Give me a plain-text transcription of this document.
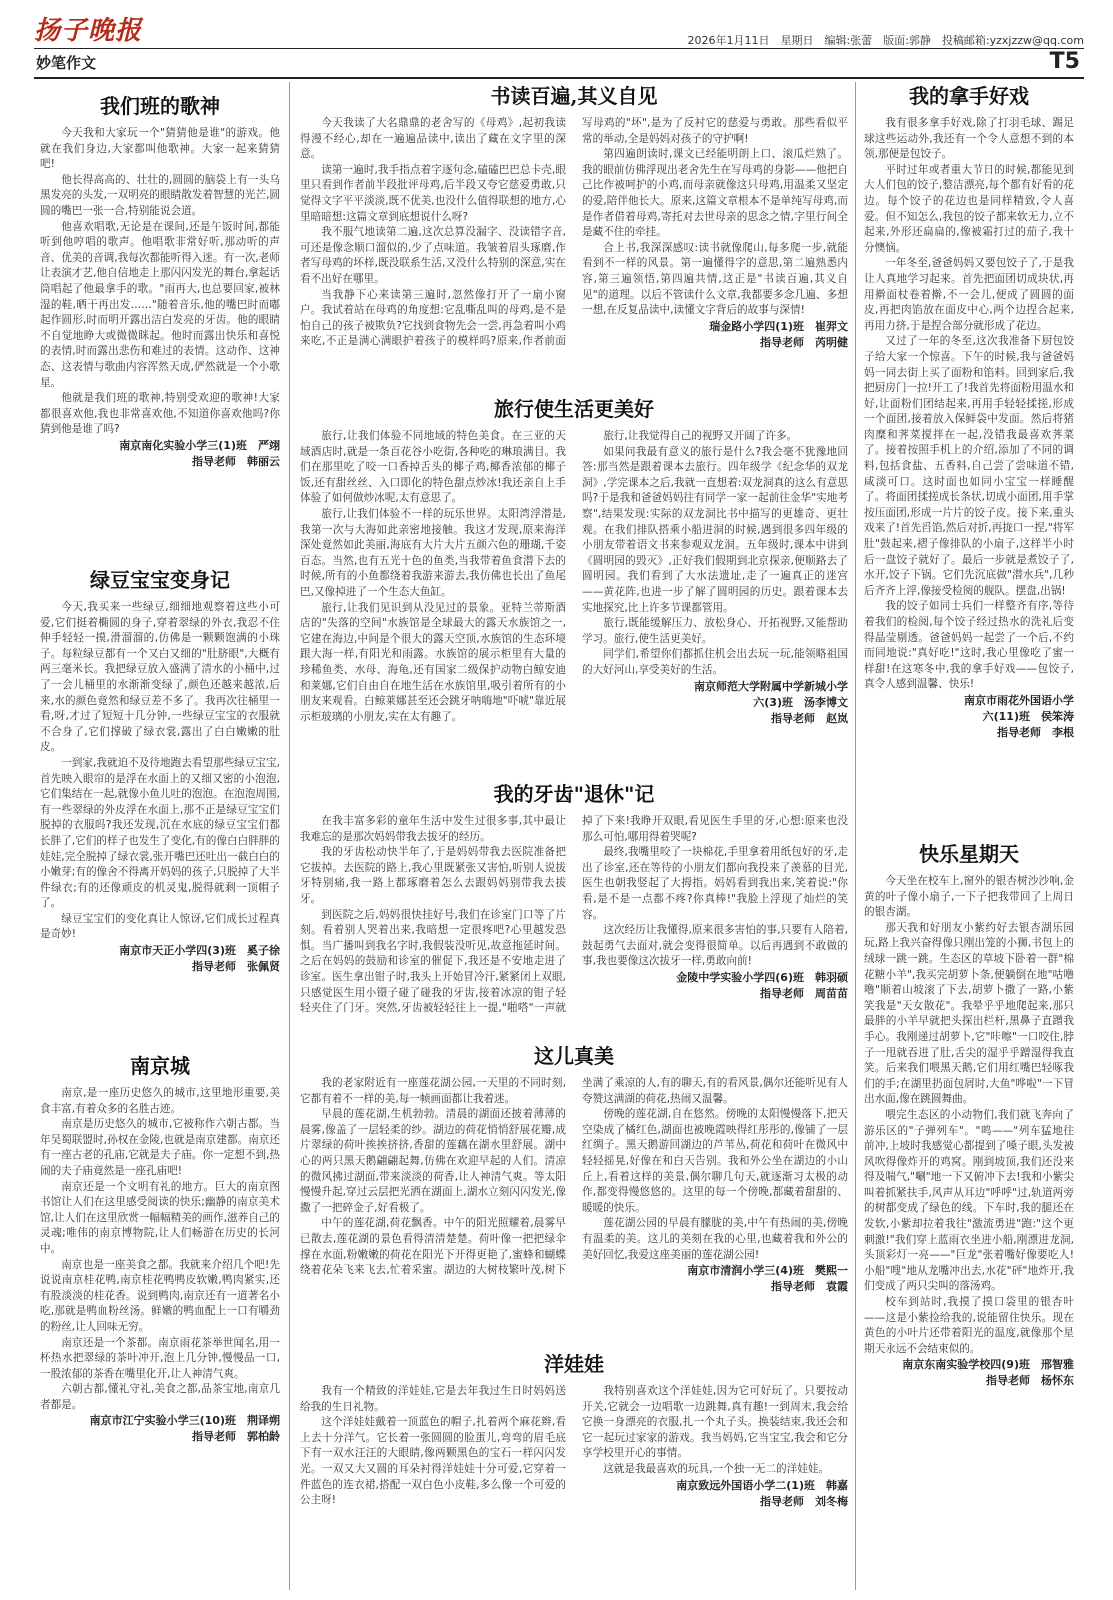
扬子晚报	2026年1月11日　星期日　编辑:张蕾　版面:郭静　投稿邮箱:yzxjzzw@qq.com
妙笔作文	T5
我们班的歌神

今天我和大家玩一个"猜猜他是谁"的游戏。他就在我们身边,大家都叫他歌神。大家一起来猜猜吧!

他长得高高的、壮壮的,圆圆的脑袋上有一头乌黑发亮的头发,一双明亮的眼睛散发着智慧的光芒,圆圆的嘴巴一张一合,特别能说会道。

他喜欢唱歌,无论是在课间,还是午饭时间,都能听到他哼唱的歌声。他唱歌非常好听,那动听的声音、优美的音调,我每次都能听得入迷。有一次,老师让表演才艺,他自信地走上那闪闪发光的舞台,拿起话筒唱起了他最拿手的歌。"雨再大,也总要回家,被林湿的鞋,晒干再出发……"随着音乐,他的嘴巴时而嘟起作圆形,时而明开露出洁白发亮的牙齿。他的眼睛不自觉地睁大或微微眯起。他时而露出快乐和喜悦的表情,时而露出悲伤和难过的表情。这动作、这神态、这表情与歌曲内容浑然天成,俨然就是一个小歌星。

他就是我们班的歌神,特别受欢迎的歌神!大家都很喜欢他,我也非常喜欢他,不知道你喜欢他吗?你猜到他是谁了吗?

南京南化实验小学三(1)班　严翊
指导老师　韩丽云
绿豆宝宝变身记

今天,我买来一些绿豆,细细地观察着这些小可爱,它们挺着椭圆的身子,穿着翠绿的外衣,我忍不住伸手轻轻一摸,滑溜溜的,仿佛是一颗颗饱满的小珠子。每粒绿豆都有一个又白又细的"肚脐眼",大概有两三毫米长。我把绿豆放入盛满了清水的小桶中,过了一会儿桶里的水渐渐变绿了,颜色还越来越浓,后来,水的颜色竟然和绿豆差不多了。我再次往桶里一看,呀,才过了短短十几分钟,一些绿豆宝宝的衣服就不合身了,它们撑破了绿衣裳,露出了白白嫩嫩的肚皮。

一到家,我就迫不及待地跑去看望那些绿豆宝宝,首先映入眼帘的是浮在水面上的又细又密的小泡泡,它们集结在一起,就像小鱼儿吐的泡泡。在泡泡周围,有一些翠绿的外皮浮在水面上,那不正是绿豆宝宝们脱掉的衣服吗?我还发现,沉在水底的绿豆宝宝们都长胖了,它们的样子也发生了变化,有的像白白胖胖的娃娃,完全脱掉了绿衣裳,张开嘴巴还吐出一截白白的小嫩芽;有的像舍不得离开妈妈的孩子,只脱掉了大半件绿衣;有的还像顽皮的机灵鬼,脱得就剩一顶帽子了。

绿豆宝宝们的变化真让人惊讶,它们成长过程真是奇妙!

南京市天正小学四(3)班　奚子徐
指导老师　张佩贤
南京城

南京,是一座历史悠久的城市,这里地形重要,美食丰富,有着众多的名胜古迹。

南京是历史悠久的城市,它被称作六朝古都。当年吴蜀联盟时,孙权在金陵,也就是南京建都。南京还有一座古老的孔庙,它就是夫子庙。你一定想不到,热闹的夫子庙竟然是一座孔庙吧!

南京还是一个文明有礼的地方。巨大的南京图书馆让人们在这里感受阅读的快乐;幽静的南京美术馆,让人们在这里欣赏一幅幅精美的画作,滋养自己的灵魂;唯伟的南京博物院,让人们畅游在历史的长河中。

南京也是一座美食之都。我就来介绍几个吧!先说说南京桂花鸭,南京桂花鸭鸭皮软嫩,鸭肉紧实,还有股淡淡的桂花香。说到鸭肉,南京还有一道著名小吃,那就是鸭血粉丝汤。鲜嫩的鸭血配上一口有嚼劲的粉丝,让人回味无穷。

南京还是一个茶都。南京雨花茶举世闻名,用一杯热水把翠绿的茶叶冲开,泡上几分钟,慢慢品一口,一股浓郁的茶香在嘴里化开,让人神清气爽。

六朝古都,懂礼守礼,美食之都,品茶宝地,南京几者都是。

南京市江宁实验小学三(10)班　荆译朔
指导老师　郭柏龄
书读百遍,其义自见

今天我读了大名鼎鼎的老舍写的《母鸡》,起初我读得漫不经心,却在一遍遍品读中,读出了藏在文字里的深意。

读第一遍时,我手指点着字逐句念,磕磕巴巴总卡壳,眼里只看到作者前半段批评母鸡,后半段又夸它慈爱勇敢,只觉得文字平平淡淡,既不优美,也没什么值得联想的地方,心里暗暗想:这篇文章到底想说什么呀?

我不服气地读第二遍,这次总算没漏字、没读错字音,可还是像念顺口溜似的,少了点味道。我皱着眉头琢磨,作者写母鸡的坏样,既没联系生活,又没什么特别的深意,实在看不出好在哪里。

当我静下心来读第三遍时,忽然像打开了一扇小窗户。我试着站在母鸡的角度想:它乱嘶乱叫的母鸡,是不是怕自己的孩子被欺负?它找到食物先会一尝,再急着叫小鸡来吃,不正是满心满眼护着孩子的模样吗?原来,作者前面写母鸡的"坏",是为了反衬它的慈爱与勇敢。那些看似平常的举动,全是妈妈对孩子的守护啊!

第四遍朗读时,课文已经能明朗上口、滚瓜烂熟了。我的眼前仿佛浮现出老舍先生在写母鸡的身影——他把自己比作被呵护的小鸡,而母亲就像这只母鸡,用温柔又坚定的爱,陪伴他长大。原来,这篇文章根本不是单纯写母鸡,而是作者借着母鸡,寄托对去世母亲的思念之情,字里行间全是藏不住的牵挂。

合上书,我深深感叹:读书就像爬山,每多爬一步,就能看到不一样的风景。第一遍懂得字的意思,第二遍熟悉内容,第三遍领悟,第四遍共情,这正是"书读百遍,其义自见"的道理。以后不管读什么文章,我都要多念几遍、多想一想,在反复品读中,读懂文字背后的故事与深情!

瑞金路小学四(1)班　崔羿文
指导老师　芮明健
旅行使生活更美好

旅行,让我们体验不同地域的特色美食。在三亚的天域酒店时,就是一条百花谷小吃街,各种吃的琳琅满目。我们在那里吃了咬一口香掉舌头的椰子鸡,椰香浓郁的椰子饭,还有甜丝丝、入口即化的特色甜点炒冰!我还亲自上手体验了如何做炒冰呢,太有意思了。

旅行,让我们体验不一样的玩乐世界。太阳湾浮潜是,我第一次与大海如此亲密地接触。我这才发现,原来海洋深处竟然如此美丽,海底有大片大片五颜六色的珊瑚,千姿百态。当然,也有五光十色的鱼类,当我带着鱼食潜下去的时候,所有的小鱼都绕着我游来游去,我仿佛也长出了鱼尾巴,又像掉进了一个生态大鱼缸。

旅行,让我们见识到从没见过的景象。亚特兰蒂斯酒店的"失落的空间"水族馆是全球最大的露天水族馆之一,它建在海边,中间是个很大的露天空顶,水族馆的生态环境跟大海一样,有阳光和雨露。水族馆的展示柜里有大量的珍稀鱼类、水母、海龟,还有国家二级保护动物白鲸安迪和莱娜,它们自由自在地生活在水族馆里,吸引着所有的小朋友来观看。白鲸莱娜甚至还会跳牙呐嗨地"吓唬"靠近展示柜玻璃的小朋友,实在太有趣了。

旅行,让我觉得自己的视野又开阔了许多。

如果问我最有意义的旅行是什么?我会毫不犹豫地回答:那当然是跟着课本去旅行。四年级学《纪念华的双龙洞》,学完课本之后,我就一直想着:双龙洞真的这么有意思吗?于是我和爸爸妈妈往有同学一家一起前往金华"实地考察",结果发现:实际的双龙洞比书中描写的更雄奇、更壮观。在我们排队搭乘小船进洞的时候,遇到很多四年级的小朋友带着语文书来参观双龙洞。五年级时,课本中讲到《圆明园的毁灭》,正好我们假期到北京探亲,便顺路去了圆明园。我们看到了大水法遗址,走了一遍真正的迷宫——黄花阵,也进一步了解了圆明园的历史。跟着课本去实地探究,比上许多节课都管用。

旅行,既能缓解压力、放松身心、开拓视野,又能帮助学习。旅行,使生活更美好。

同学们,希望你们都抓住机会出去玩一玩,能领略祖国的大好河山,享受美好的生活。

南京师范大学附属中学新城小学
六(3)班　汤李博文
指导老师　赵岚
我的牙齿"退休"记

在我丰富多彩的童年生活中发生过很多事,其中最让我难忘的是那次妈妈带我去拔牙的经历。

我的牙齿松动快半年了,于是妈妈带我去医院准备把它拔掉。去医院的路上,我心里既紧张又害怕,听别人说拔牙特别痛,我一路上都琢磨着怎么去跟妈妈别带我去拔牙。

到医院之后,妈妈很快挂好号,我们在诊室门口等了片刻。看着别人哭着出来,我暗想一定很疼吧?心里越发恐惧。当广播叫到我名字时,我假装没听见,故意拖延时间。之后在妈妈的鼓励和诊室的催促下,我还是不安地走进了诊室。医生拿出钳子时,我头上开始冒冷汗,紧紧闭上双眼,只感觉医生用小镊子碰了碰我的牙齿,接着冰凉的钳子轻轻夹住了门牙。突然,牙齿被轻轻往上一提,"啪嗒"一声就掉了下来!我睁开双眼,看见医生手里的牙,心想:原来也没那么可怕,哪用得着哭呢?

最终,我嘴里咬了一块棉花,手里拿着用纸包好的牙,走出了诊室,还在等待的小朋友们都向我投来了羡慕的目光,医生也朝我竖起了大拇指。妈妈看到我出来,笑着说:"你看,是不是一点都不疼?你真棒!"我脸上浮现了灿烂的笑容。

这次经历让我懂得,原来很多害怕的事,只要有人陪着,鼓起勇气去面对,就会变得很简单。以后再遇到不敢做的事,我也要像这次拔牙一样,勇敢向前!

金陵中学实验小学四(6)班　韩羽硕
指导老师　周苗苗
这儿真美

我的老家附近有一座莲花湖公园,一天里的不同时刻,它都有着不一样的美,每一帧画面都让我着迷。

早晨的莲花湖,生机勃勃。清晨的湖面还披着薄薄的晨雾,像盖了一层轻柔的纱。湖边的荷花悄悄舒展花瓣,成片翠绿的荷叶挨挨挤挤,香甜的莲藕在湖水里舒展。湖中心的两只黑天鹅翩翩起舞,仿佛在欢迎早起的人们。清凉的微风拂过湖面,带来淡淡的荷香,让人神清气爽。等太阳慢慢升起,穿过云层把光洒在湖面上,湖水立刻闪闪发光,像撒了一把碎金子,好看极了。

中午的莲花湖,荷花飘香。中午的阳光照耀着,晨雾早已散去,莲花湖的景色看得清清楚楚。荷叶像一把把绿伞撑在水面,粉嫩嫩的荷花在阳光下开得更艳了,蜜蜂和蝴蝶绕着花朵飞来飞去,忙着采蜜。湖边的大树枝繁叶茂,树下坐满了乘凉的人,有的聊天,有的看风景,偶尔还能听见有人夸赞这满湖的荷花,热闹又温馨。

傍晚的莲花湖,自在悠然。傍晚的太阳慢慢落下,把天空染成了橘红色,湖面也被晚霞映得红彤彤的,像铺了一层红绸子。黑天鹅游回湖边的芦苇丛,荷花和荷叶在微风中轻轻摇晃,好像在和白天告别。我和外公坐在湖边的小山丘上,看着这样的美景,偶尔聊几句天,就逐渐习太极的动作,都变得慢悠悠的。这里的每一个傍晚,都藏着甜甜的、暖暖的快乐。

莲花湖公园的早晨有朦胧的美,中午有热闹的美,傍晚有温柔的美。这儿的美刻在我的心里,也藏着我和外公的美好回忆,我爱这座美丽的莲花湖公园!

南京市清润小学三(4)班　樊熙一
指导老师　袁霞
洋娃娃

我有一个精致的洋娃娃,它是去年我过生日时妈妈送给我的生日礼物。

这个洋娃娃戴着一顶蓝色的帽子,扎着两个麻花辫,看上去十分洋气。它长着一张圆圆的脸蛋儿,弯弯的眉毛底下有一双水汪汪的大眼睛,像两颗黑色的宝石一样闪闪发光。一双又大又圆的耳朵衬得洋娃娃十分可爱,它穿着一件蓝色的连衣裙,搭配一双白色小皮鞋,多么像一个可爱的公主呀!

我特别喜欢这个洋娃娃,因为它可好玩了。只要按动开关,它就会一边唱歌一边跳舞,真有趣!一到周末,我会给它换一身漂亮的衣服,扎一个丸子头。换装结束,我还会和它一起玩过家家的游戏。我当妈妈,它当宝宝,我会和它分享学校里开心的事情。

这就是我最喜欢的玩具,一个独一无二的洋娃娃。

南京致远外国语小学二(1)班　韩嘉
指导老师　刘冬梅
我的拿手好戏

我有很多拿手好戏,除了打羽毛球、踢足球这些运动外,我还有一个令人意想不到的本领,那便是包饺子。

平时过年或者重大节日的时候,都能见到大人们包的饺子,整洁漂亮,每个都有好看的花边。每个饺子的花边也是同样精致,令人喜爱。但不知怎么,我包的饺子都来软无力,立不起来,外形还扁扁的,像被霜打过的茄子,我十分懊恼。

一年冬至,爸爸妈妈又要包饺子了,于是我让人真地学习起来。首先把面团切成块状,再用擀面杖卷着擀,不一会儿,便成了圆圆的面皮,再把肉馅放在面皮中心,两个边捏合起来,再用力挤,于是捏合部分就形成了花边。

又过了一年的冬至,这次我准备下厨包饺子给大家一个惊喜。下午的时候,我与爸爸妈妈一同去街上买了面粉和馅料。回到家后,我把厨房门一拉!开工了!我首先将面粉用温水和好,让面粉们团结起来,再用手轻轻揉搓,形成一个面团,接着放入保鲜袋中发面。然后将猪肉糜和荠菜搅拌在一起,没错我最喜欢荠菜了。接着按照手机上的介绍,添加了不同的调料,包括食盐、五香料,自己尝了尝味道不错,咸淡可口。这时面也如同小宝宝一样睡醒了。将面团揉搓成长条状,切成小面团,用手掌按压面团,形成一片片的饺子皮。接下来,重头戏来了!首先舀馅,然后对折,再拢口一捏,"将军肚"鼓起来,褶子像排队的小扇子,这样半小时后一盘饺子就好了。最后一步就是煮饺子了,水开,饺子下锅。它们先沉底做"潜水兵",几秒后齐齐上浮,像接受检阅的舰队。摆盘,出锅!

我的饺子如同士兵们一样整齐有序,等待着我们的检阅,每个饺子经过热水的洗礼后变得晶莹剔透。爸爸妈妈一起尝了一个后,不约而同地说:"真好吃!"这时,我心里像吃了蜜一样甜!在这寒冬中,我的拿手好戏——包饺子,真令人感到温馨、快乐!

南京市雨花外国语小学
六(11)班　侯笨涛
指导老师　李根
快乐星期天

今天坐在校车上,窗外的银杏树沙沙响,金黄的叶子像小扇子,一下子把我带回了上周日的银杏湖。

那天我和好朋友小紫约好去银杏湖乐园玩,路上我兴奋得像只刚出笼的小狮,书包上的绒球一跳一跳。生态区的草坡下卧着一群"棉花糖小羊",我买完胡萝卜条,便躺倒在地"咕噜噜"顺着山坡滚了下去,胡萝卜撒了一路,小紫笑我是"天女散花"。我晕乎乎地爬起来,那只最胖的小羊早就把头探出栏杆,黑鼻子直蹭我手心。我刚递过胡萝卜,它"咔嚓"一口咬住,脖子一甩就吞进了肚,舌尖的湿乎乎蹭湿得我直笑。后来我们喂黑天鹅,它们用红嘴巴轻啄我们的手;在湖里扔面包屑时,大鱼"哗啦"一下冒出水面,像在跳圆舞曲。

喂完生态区的小动物们,我们就飞奔向了游乐区的"子弹列车"。"鸣——"列车猛地往前冲,上坡时我感觉心都提到了嗓子眼,头发被风吹得像炸开的鸡窝。刚到坡顶,我们还没来得及喘气,"唰"地一下又俯冲下去!我和小紫尖叫着抓紧扶手,风声从耳边"呼呼"过,轨道两旁的树都变成了绿色的线。下车时,我的腿还在发软,小紫却拉着我往"激流勇进"跑:"这个更刺激!"我们穿上蓝雨衣坐进小船,刚漂进龙洞,头顶彩灯一亮——"巨龙"张着嘴好像要吃人!小船"嗖"地从龙嘴冲出去,水花"砰"地炸开,我们变成了两只尖叫的落汤鸡。

校车到站时,我摸了摸口袋里的银杏叶——这是小紫捡给我的,说能留住快乐。现在黄色的小叶片还带着阳光的温度,就像那个星期天永远不会结束似的。

南京东南实验学校四(9)班　邢智雅
指导老师　杨怀东
